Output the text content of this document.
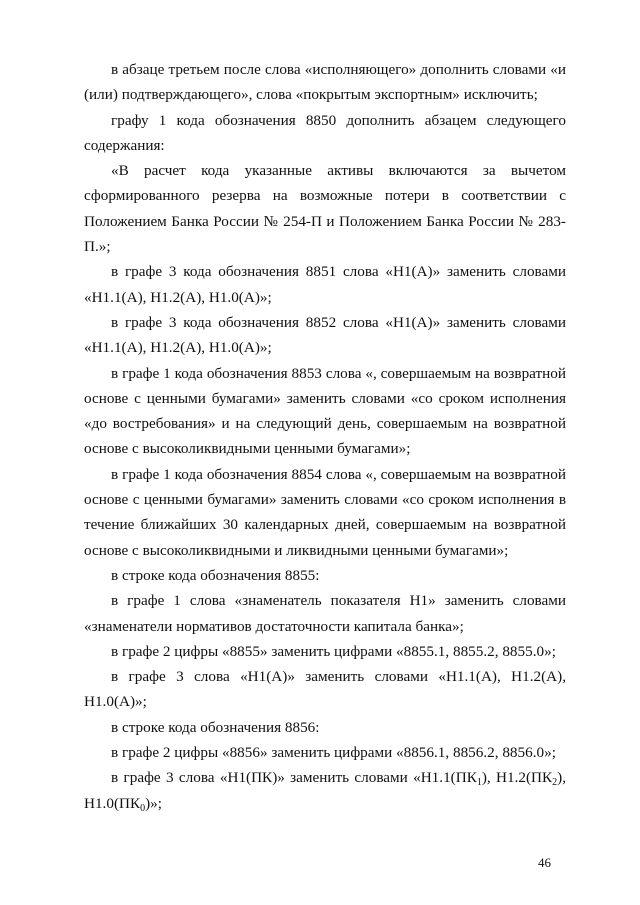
в абзаце третьем после слова «исполняющего» дополнить словами «и (или) подтверждающего», слова «покрытым экспортным» исключить;

графу 1 кода обозначения 8850 дополнить абзацем следующего содержания:

«В расчет кода указанные активы включаются за вычетом сформированного резерва на возможные потери в соответствии с Положением Банка России № 254-П и Положением Банка России № 283-П.»;

в графе 3 кода обозначения 8851 слова «Н1(А)» заменить словами «Н1.1(А), Н1.2(А), Н1.0(А)»;

в графе 3 кода обозначения 8852 слова «Н1(А)» заменить словами «Н1.1(А), Н1.2(А), Н1.0(А)»;

в графе 1 кода обозначения 8853 слова «, совершаемым на возвратной основе с ценными бумагами» заменить словами «со сроком исполнения «до востребования» и на следующий день, совершаемым на возвратной основе с высоколиквидными ценными бумагами»;

в графе 1 кода обозначения 8854 слова «, совершаемым на возвратной основе с ценными бумагами» заменить словами «со сроком исполнения в течение ближайших 30 календарных дней, совершаемым на возвратной основе с высоколиквидными и ликвидными ценными бумагами»;

в строке кода обозначения 8855:

в графе 1 слова «знаменатель показателя Н1» заменить словами «знаменатели нормативов достаточности капитала банка»;

в графе 2 цифры «8855» заменить цифрами «8855.1, 8855.2, 8855.0»;

в графе 3 слова «Н1(А)» заменить словами «Н1.1(А), Н1.2(А), Н1.0(А)»;

в строке кода обозначения 8856:

в графе 2 цифры «8856» заменить цифрами «8856.1, 8856.2, 8856.0»;

в графе 3 слова «Н1(ПК)» заменить словами «$Н1.1(ПК_1)$, $Н1.2(ПК_2)$, $Н1.0(ПК_0)$»;

46
